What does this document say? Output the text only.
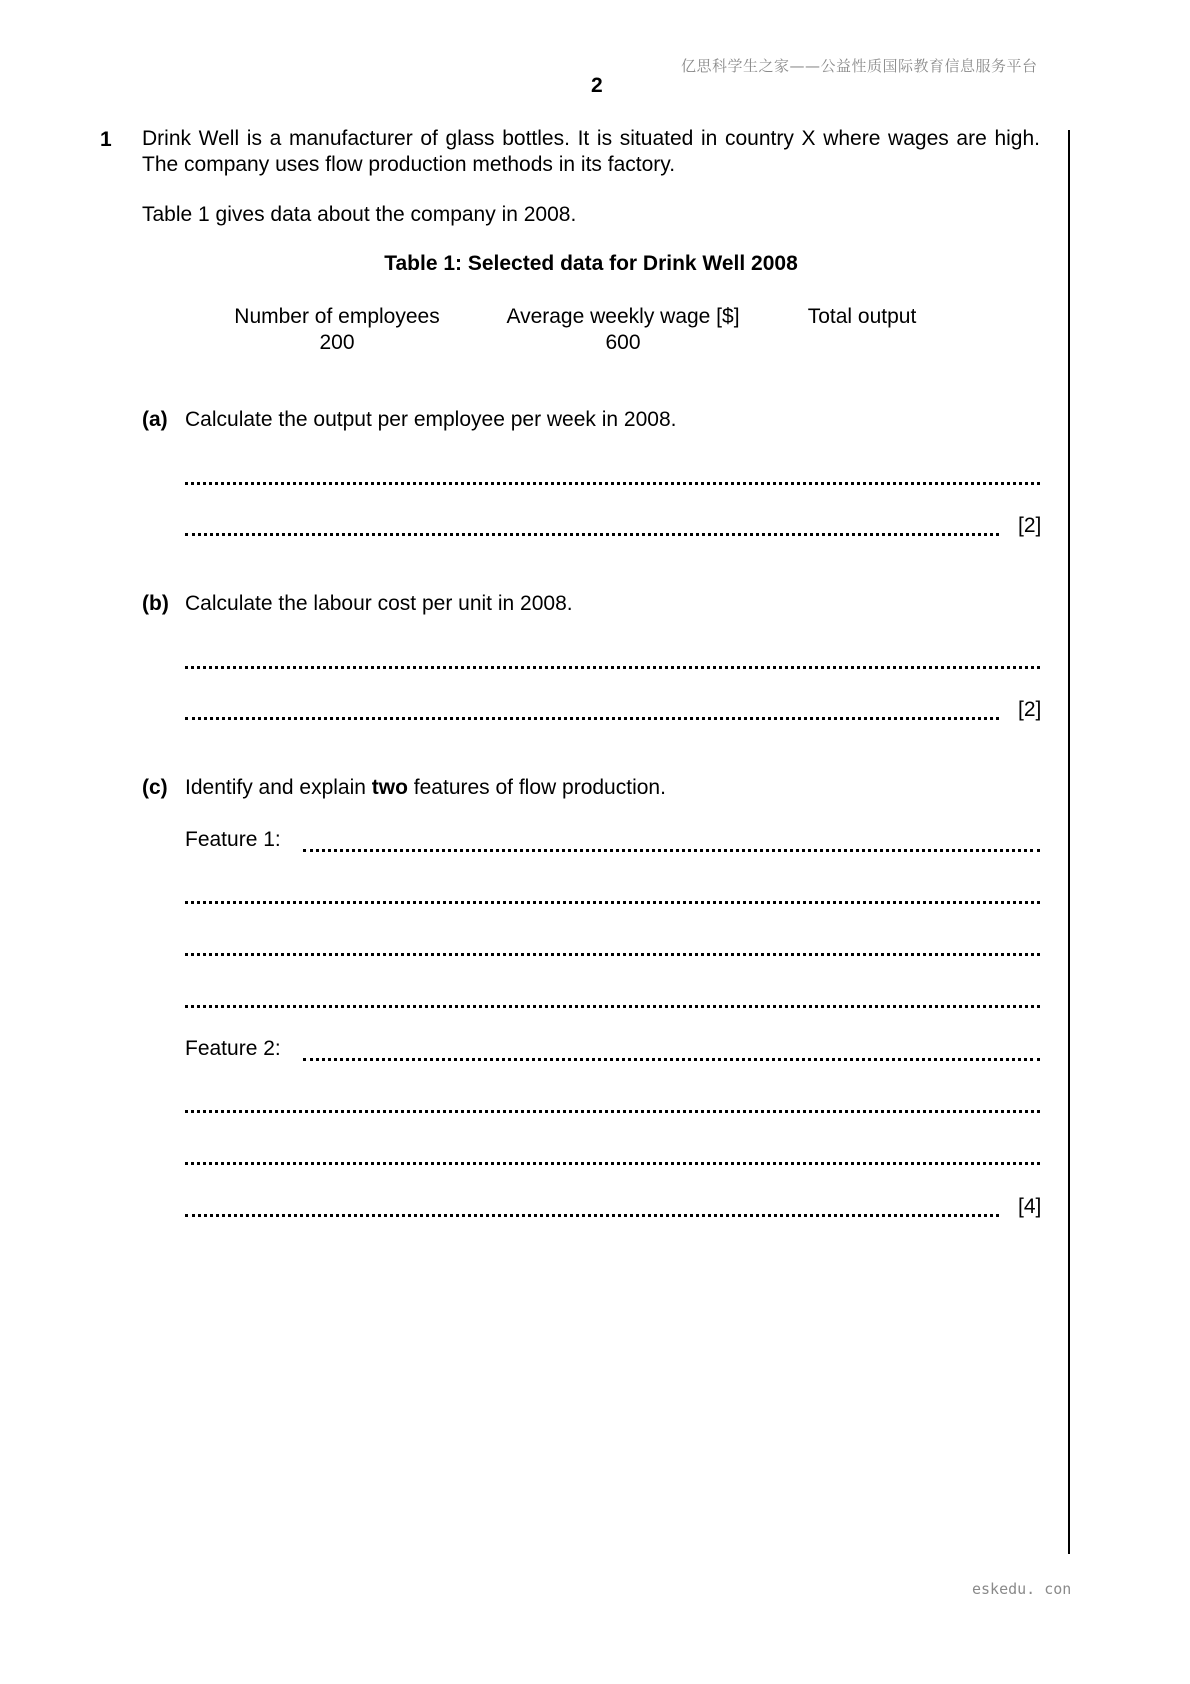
亿思科学生之家——公益性质国际教育信息服务平台
2
1 Drink Well is a manufacturer of glass bottles. It is situated in country X where wages are high. The company uses flow production methods in its factory.
Table 1 gives data about the company in 2008.
Table 1: Selected data for Drink Well 2008
Number of employees
200
Average weekly wage [$]
600
Total output
(a) Calculate the output per employee per week in 2008.
[2]
(b) Calculate the labour cost per unit in 2008.
[2]
(c) Identify and explain two features of flow production.
Feature 1:
Feature 2:
[4]
eskedu. con
